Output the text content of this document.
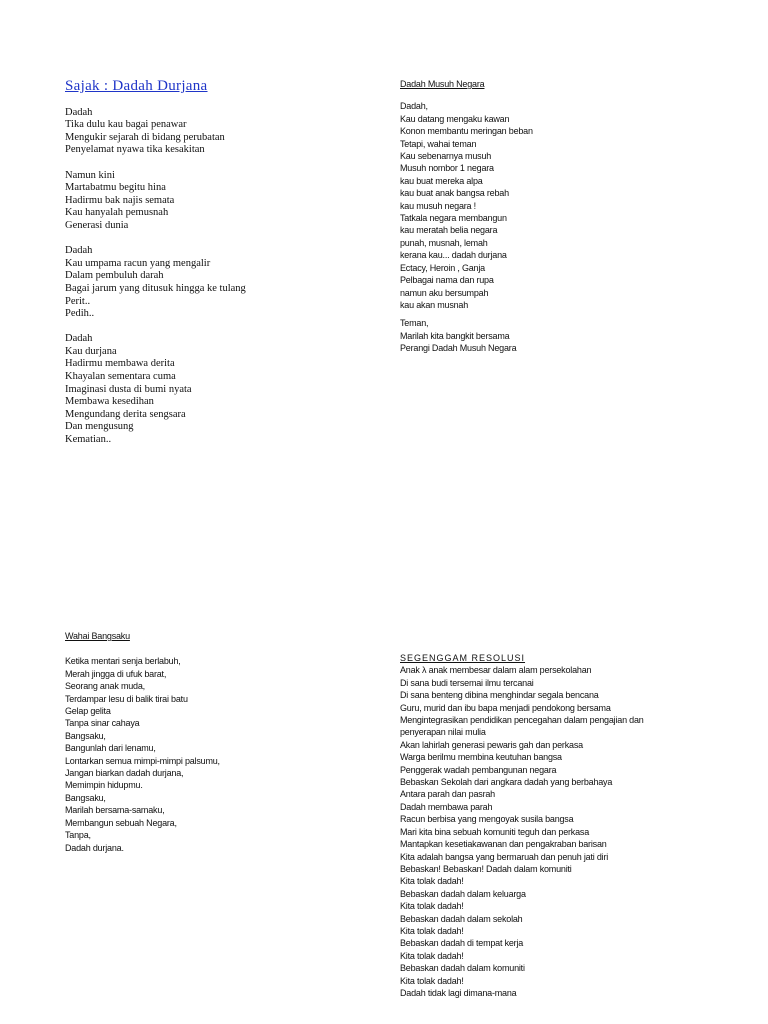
Sajak : Dadah Durjana
Dadah
Tika dulu kau bagai penawar
Mengukir sejarah di bidang perubatan
Penyelamat nyawa tika kesakitan
Namun kini
Martabatmu begitu hina
Hadirmu bak najis semata
Kau hanyalah pemusnah
Generasi dunia
Dadah
Kau umpama racun yang mengalir
Dalam pembuluh darah
Bagai jarum yang ditusuk hingga ke tulang
Perit..
Pedih..
Dadah
Kau durjana
Hadirmu membawa derita
Khayalan sementara cuma
Imaginasi dusta di bumi nyata
Membawa kesedihan
Mengundang derita sengsara
Dan mengusung
Kematian..
Dadah Musuh Negara
Dadah,
Kau datang mengaku kawan
Konon membantu meringan beban
Tetapi, wahai teman
Kau sebenarnya musuh
Musuh nombor 1 negara
kau buat mereka alpa
kau buat anak bangsa rebah
kau musuh negara !
Tatkala negara membangun
kau meratah belia negara
punah, musnah, lemah
kerana kau... dadah durjana
Ectacy, Heroin , Ganja
Pelbagai nama dan rupa
namun aku bersumpah
kau akan musnah
Teman,
Marilah kita bangkit bersama
Perangi Dadah Musuh Negara
Wahai Bangsaku
Ketika mentari senja berlabuh,
Merah jingga di ufuk barat,
Seorang anak muda,
Terdampar lesu di balik tirai batu
Gelap gelita
Tanpa sinar cahaya
Bangsaku,
Bangunlah dari lenamu,
Lontarkan semua mimpi-mimpi palsumu,
Jangan biarkan dadah durjana,
Memimpin hidupmu.
Bangsaku,
Marilah bersama-samaku,
Membangun sebuah Negara,
Tanpa,
Dadah durjana.
SEGENGGAM RESOLUSI
Anak λ anak membesar dalam alam persekolahan
Di sana budi tersemai ilmu tercanai
Di sana benteng dibina menghindar segala bencana
Guru, murid dan ibu bapa menjadi pendokong bersama
Mengintegrasikan pendidikan pencegahan dalam pengajian dan penyerapan nilai mulia
Akan lahirlah generasi pewaris gah dan perkasa
Warga berilmu membina keutuhan bangsa
Penggerak wadah pembangunan negara
Bebaskan Sekolah dari angkara dadah yang berbahaya
Antara parah dan pasrah
Dadah membawa parah
Racun berbisa yang mengoyak susila bangsa
Mari kita bina sebuah komuniti teguh dan perkasa
Mantapkan kesetiakawanan dan pengakraban barisan
Kita adalah bangsa yang bermaruah dan penuh jati diri
Bebaskan! Bebaskan! Dadah dalam komuniti
Kita tolak dadah!
Bebaskan dadah dalam keluarga
Kita tolak dadah!
Bebaskan dadah dalam sekolah
Kita tolak dadah!
Bebaskan dadah di tempat kerja
Kita tolak dadah!
Bebaskan dadah dalam komuniti
Kita tolak dadah!
Dadah tidak lagi dimana-mana
